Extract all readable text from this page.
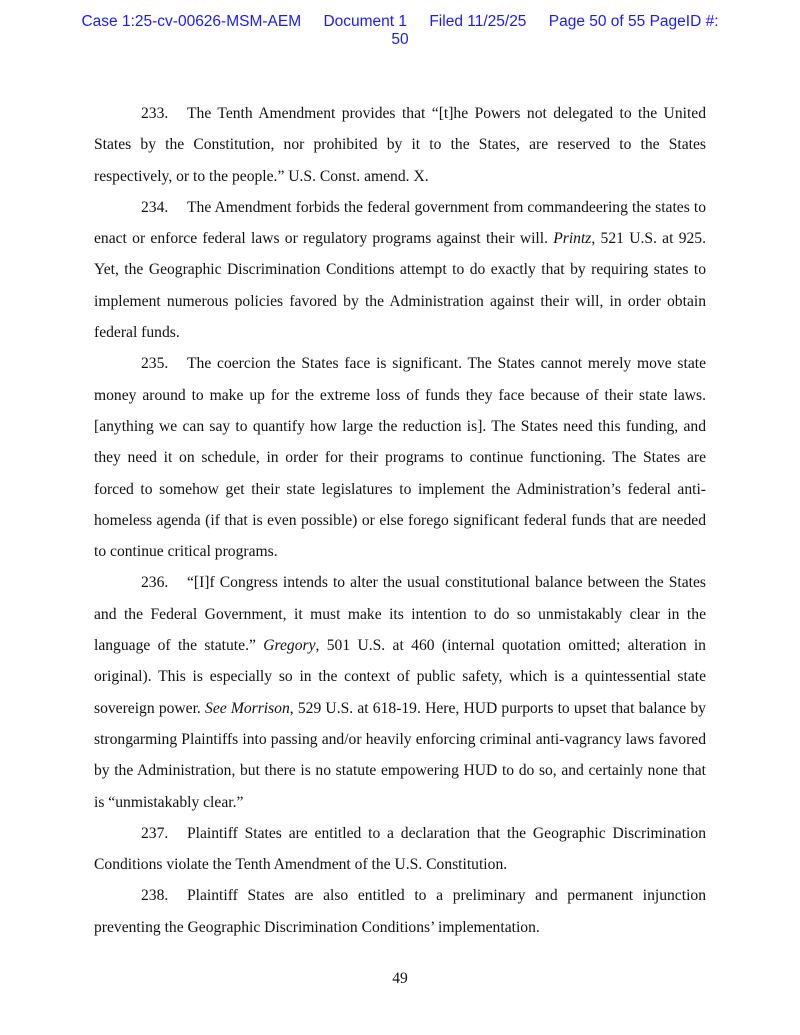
Case 1:25-cv-00626-MSM-AEM Document 1 Filed 11/25/25 Page 50 of 55 PageID #:
50

233. The Tenth Amendment provides that “[t]he Powers not delegated to the United States by the Constitution, nor prohibited by it to the States, are reserved to the States respectively, or to the people.” U.S. Const. amend. X.

234. The Amendment forbids the federal government from commandeering the states to enact or enforce federal laws or regulatory programs against their will. Printz, 521 U.S. at 925. Yet, the Geographic Discrimination Conditions attempt to do exactly that by requiring states to implement numerous policies favored by the Administration against their will, in order obtain federal funds.

235. The coercion the States face is significant. The States cannot merely move state money around to make up for the extreme loss of funds they face because of their state laws. [anything we can say to quantify how large the reduction is]. The States need this funding, and they need it on schedule, in order for their programs to continue functioning. The States are forced to somehow get their state legislatures to implement the Administration’s federal anti-homeless agenda (if that is even possible) or else forego significant federal funds that are needed to continue critical programs.

236. “[I]f Congress intends to alter the usual constitutional balance between the States and the Federal Government, it must make its intention to do so unmistakably clear in the language of the statute.” Gregory, 501 U.S. at 460 (internal quotation omitted; alteration in original). This is especially so in the context of public safety, which is a quintessential state sovereign power. See Morrison, 529 U.S. at 618-19. Here, HUD purports to upset that balance by strongarming Plaintiffs into passing and/or heavily enforcing criminal anti-vagrancy laws favored by the Administration, but there is no statute empowering HUD to do so, and certainly none that is “unmistakably clear.”

237. Plaintiff States are entitled to a declaration that the Geographic Discrimination Conditions violate the Tenth Amendment of the U.S. Constitution.

238. Plaintiff States are also entitled to a preliminary and permanent injunction preventing the Geographic Discrimination Conditions’ implementation.

49
